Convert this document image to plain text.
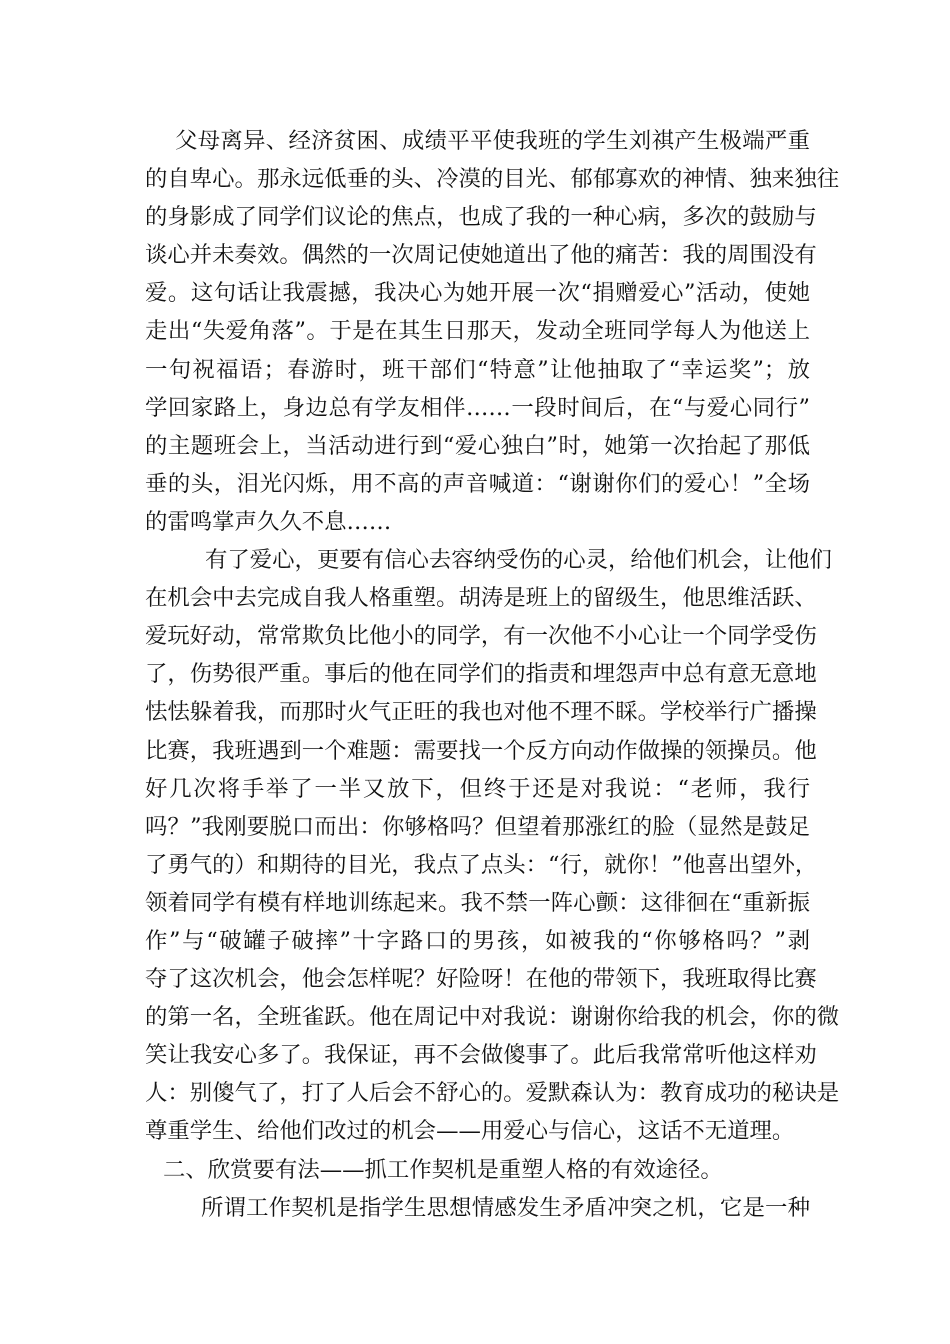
父母离异、经济贫困、成绩平平使我班的学生刘祺产生极端严重
的自卑心。那永远低垂的头、冷漠的目光、郁郁寡欢的神情、独来独往
的身影成了同学们议论的焦点，也成了我的一种心病，多次的鼓励与
谈心并未奏效。偶然的一次周记使她道出了他的痛苦：我的周围没有
爱。这句话让我震撼，我决心为她开展一次“捐赠爱心”活动，使她
走出“失爱角落”。于是在其生日那天，发动全班同学每人为他送上
一句祝福语；春游时，班干部们“特意”让他抽取了“幸运奖”；放
学回家路上，身边总有学友相伴……一段时间后，在“与爱心同行”
的主题班会上，当活动进行到“爱心独白”时，她第一次抬起了那低
垂的头，泪光闪烁，用不高的声音喊道：“谢谢你们的爱心！”全场
的雷鸣掌声久久不息……
有了爱心，更要有信心去容纳受伤的心灵，给他们机会，让他们
在机会中去完成自我人格重塑。胡涛是班上的留级生，他思维活跃、
爱玩好动，常常欺负比他小的同学，有一次他不小心让一个同学受伤
了，伤势很严重。事后的他在同学们的指责和埋怨声中总有意无意地
怯怯躲着我，而那时火气正旺的我也对他不理不睬。学校举行广播操
比赛，我班遇到一个难题：需要找一个反方向动作做操的领操员。他
好几次将手举了一半又放下，但终于还是对我说：“老师，我行
吗？”我刚要脱口而出：你够格吗？但望着那涨红的脸（显然是鼓足
了勇气的）和期待的目光，我点了点头：“行，就你！”他喜出望外，
领着同学有模有样地训练起来。我不禁一阵心颤：这徘徊在“重新振
作”与“破罐子破摔”十字路口的男孩，如被我的“你够格吗？”剥
夺了这次机会，他会怎样呢？好险呀！在他的带领下，我班取得比赛
的第一名，全班雀跃。他在周记中对我说：谢谢你给我的机会，你的微
笑让我安心多了。我保证，再不会做傻事了。此后我常常听他这样劝
人：别傻气了，打了人后会不舒心的。爱默森认为：教育成功的秘诀是
尊重学生、给他们改过的机会——用爱心与信心，这话不无道理。
二、欣赏要有法——抓工作契机是重塑人格的有效途径。
所谓工作契机是指学生思想情感发生矛盾冲突之机，它是一种
